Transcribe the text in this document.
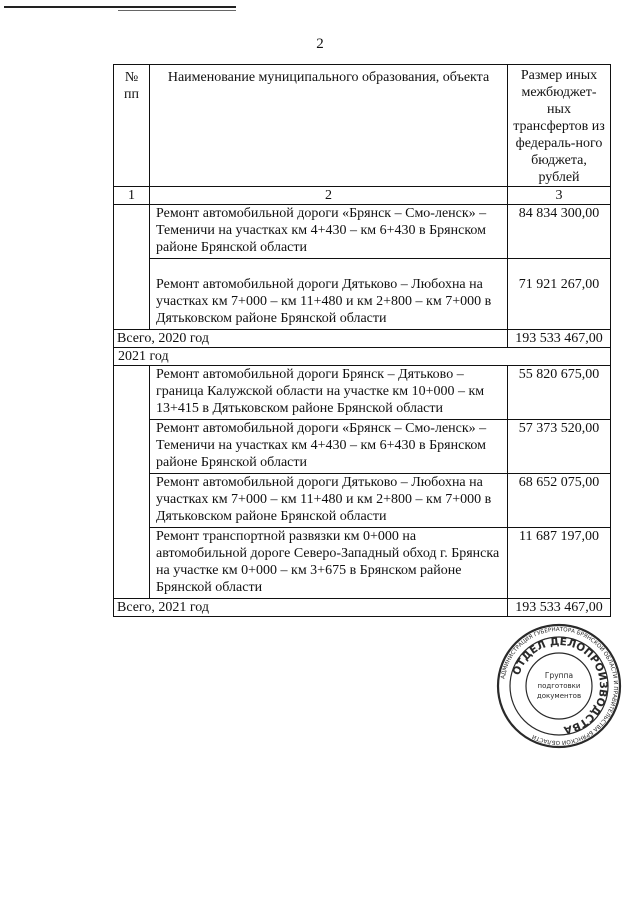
2
№ пп	Наименование муниципального образования, объекта	Размер иных межбюджет-ных трансфертов из федераль-ного бюджета, рублей
1	2	3
	Ремонт автомобильной дороги «Брянск – Смо-ленск» – Теменичи на участках км 4+430 – км 6+430 в Брянском районе Брянской области	84 834 300,00

Ремонт автомобильной дороги Дятьково – Любохна на участках км 7+000 – км 11+480 и км 2+800 – км 7+000 в Дятьковском районе Брянской области	71 921 267,00
Всего, 2020 год		193 533 467,00
2021 год		
	Ремонт автомобильной дороги Брянск – Дятьково – граница Калужской области на участке км 10+000 – км 13+415 в Дятьковском районе Брянской области	55 820 675,00
	Ремонт автомобильной дороги «Брянск – Смо-ленск» – Теменичи на участках км 4+430 – км 6+430 в Брянском районе Брянской области	57 373 520,00
	Ремонт автомобильной дороги Дятьково – Любохна на участках км 7+000 – км 11+480 и км 2+800 – км 7+000 в Дятьковском районе Брянской области	68 652 075,00
	Ремонт транспортной развязки км 0+000 на автомобильной дороге Северо-Западный обход г. Брянска на участке км 0+000 – км 3+675 в Брянском районе Брянской области	11 687 197,00
Всего, 2021 год		193 533 467,00
АДМИНИСТРАЦИЯ ГУБЕРНАТОРА БРЯНСКОЙ ОБЛАСТИ И ПРАВИТЕЛЬСТВА БРЯНСКОЙ ОБЛАСТИ
ОТДЕЛ ДЕЛОПРОИЗВОДСТВА
Группа
подготовки
документов
